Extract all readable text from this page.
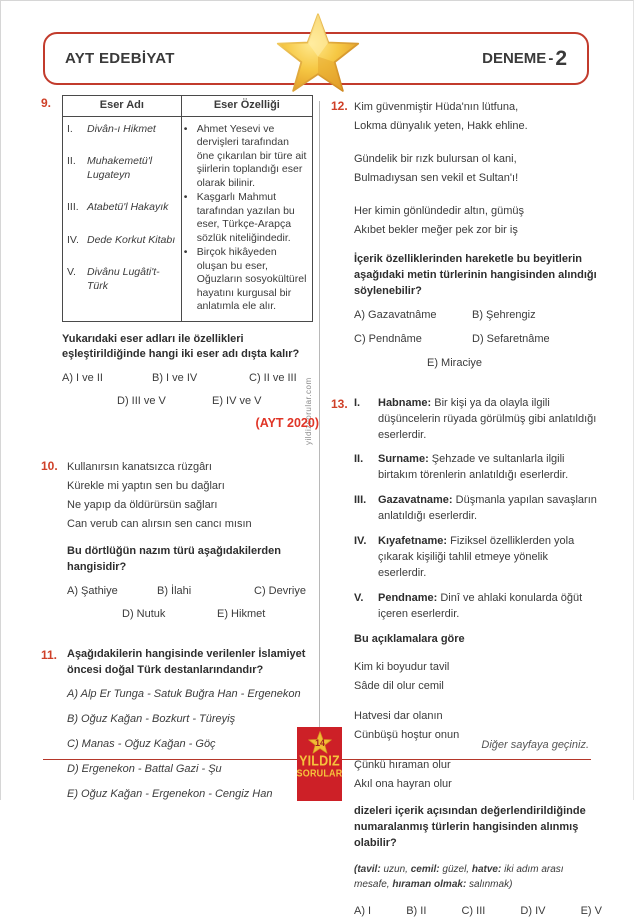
AYT EDEBİYAT	DENEME - 2
yildizsorular.com
9.	Eser Adı	Eser Özelliği

I.	Divân-ı Hikmet
II.	Muhakemetü'l Lugateyn
III. Atabetü'l Hakayık
IV. Dede Korkut Kitabı
V.	Divânu Lugâti't-Türk

• Ahmet Yesevi ve dervişleri tarafından öne çıkarılan bir türe ait şiirlerin toplandığı eser olarak bilinir.
• Kaşgarlı Mahmut tarafından yazılan bu eser, Türkçe-Arapça sözlük niteliğindedir.
• Birçok hikâyeden oluşan bu eser, Oğuzların sosyokültürel hayatını kurgusal bir anlatımla ele alır.

Yukarıdaki eser adları ile özellikleri eşleştirildiğinde hangi iki eser adı dışta kalır?

A) I ve II	B) I ve IV	C) II ve III
D) III ve V	E) IV ve V
(AYT 2020)
10. Kullanırsın kanatsızca rüzgârı
Kürekle mi yaptın sen bu dağları
Ne yapıp da öldürürsün sağları
Can verub can alırsın sen cancı mısın

Bu dörtlüğün nazım türü aşağıdakilerden hangisidir?

A) Şathiye	B) İlahi	C) Devriye
D) Nutuk	E) Hikmet
11. Aşağıdakilerin hangisinde verilenler İslamiyet öncesi doğal Türk destanlarındandır?

A) Alp Er Tunga - Satuk Buğra Han - Ergenekon
B) Oğuz Kağan - Bozkurt - Türeyiş
C) Manas - Oğuz Kağan - Göç
D) Ergenekon - Battal Gazi - Şu
E) Oğuz Kağan - Ergenekon - Cengiz Han
12. Kim güvenmiştir Hüda'nın lütfuna,
Lokma dünyalık yeten, Hakk ehline.
Gündelik bir rızk bulursan ol kani,
Bulmadıysan sen vekil et Sultan'ı!
Her kimin gönlündedir altın, gümüş
Akıbet bekler meğer pek zor bir iş

İçerik özelliklerinden hareketle bu beyitlerin aşağıdaki metin türlerinin hangisinden alındığı söylenebilir?

A) Gazavatnâme	B) Şehrengiz
C) Pendnâme	D) Sefaretnâme
E) Miraciye
13. I.	Habname: Bir kişi ya da olayla ilgili düşüncelerin rüyada görülmüş gibi anlatıldığı eserlerdir.
II.	Surname: Şehzade ve sultanlarla ilgili birtakım törenlerin anlatıldığı eserlerdir.
III.	Gazavatname: Düşmanla yapılan savaşların anlatıldığı eserlerdir.
IV.	Kıyafetname: Fiziksel özelliklerden yola çıkarak kişiliği tahlil etmeye yönelik eserlerdir.
V.	Pendname: Dinî ve ahlaki konularda öğüt içeren eserlerdir.

Bu açıklamalara göre

Kim ki boyudur tavil
Sâde dil olur cemil
Hatvesi dar olanın
Cünbüşü hoştur onun
Çünkü hıraman olur
Akıl ona hayran olur

dizeleri içerik açısından değerlendirildiğinde numaralanmış türlerin hangisinden alınmış olabilir?

(tavil: uzun, cemil: güzel, hatve: iki adım arası mesafe, hıraman olmak: salınmak)
A) I	B) II	C) III	D) IV	E) V
14
YILDIZ
SORULAR
Diğer sayfaya geçiniz.
